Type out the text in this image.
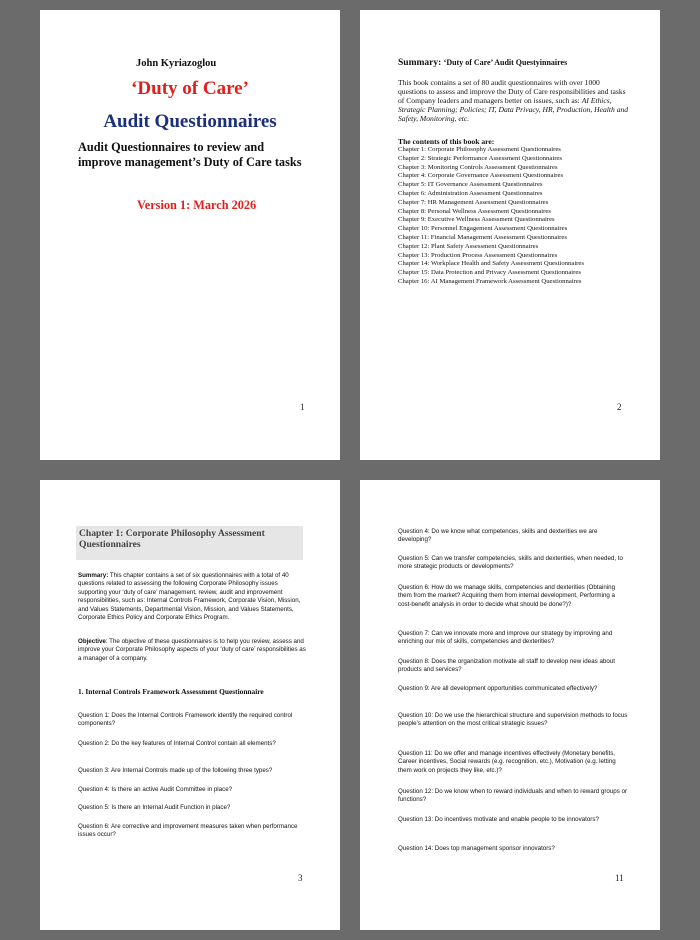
John Kyriazoglou
‘Duty of Care’
Audit Questionnaires
Audit Questionnaires to review and improve management’s Duty of Care tasks
Version 1: March 2026
1
Summary: ‘Duty of Care’ Audit Questyinnaires
This book contains a set of 80 audit questionnaires with over 1000 questions to assess and improve the Duty of Care responsibilities and tasks of Company leaders and managers better on issues, such as: AI Ethics, Strategic Planning; Policies; IT, Data Privacy, HR, Production, Health and Safety, Monitoring, etc.
The contents of this book are:
Chapter 1: Corporate Philosophy Assessment Questionnaires
Chapter 2: Strategic Performance Assessment Questionnaires
Chapter 3: Monitoring Controls Assessment Questionnaires
Chapter 4: Corporate Governance Assessment Questionnaires
Chapter 5: IT Governance Assessment Questionnaires
Chapter 6: Administration Assessment Questionnaires
Chapter 7: HR Management Assessment Questionnaires
Chapter 8: Personal Wellness Assessment Questionnaires
Chapter 9: Executive Wellness Assessment Questionnaires
Chapter 10: Personnel Engagement Assessment Questionnaires
Chapter 11: Financial Management Assessment Questionnaires
Chapter 12: Plant Safety Assessment Questionnaires
Chapter 13: Production Process Assessment Questionnaires
Chapter 14: Workplace Health and Safety Assessment Questionnaires
Chapter 15: Data Protection and Privacy Assessment Questionnaires
Chapter 16: AI Management Framework Assessment Questionnaires
2
Chapter 1: Corporate Philosophy Assessment Questionnaires
Summary: This chapter contains a set of six questionnaires with a total of 40 questions related to assessing the following Corporate Philosophy issues supporting your ‘duty of care’ management, review, audit and improvement responsibilities, such as: Internal Controls Framework, Corporate Vision, Mission, and Values Statements, Departmental Vision, Mission, and Values Statements, Corporate Ethics Policy and Corporate Ethics Program.
Objective: The objective of these questionnaires is to help you review, assess and improve your Corporate Philosophy aspects of your ‘duty of care’ responsibilities as a manager of a company.
1. Internal Controls Framework Assessment Questionnaire
Question 1: Does the Internal Controls Framework identify the required control components?
Question 2: Do the key features of Internal Control contain all elements?
Question 3: Are Internal Controls made up of the following three types?
Question 4: Is there an active Audit Committee in place?
Question 5: Is there an Internal Audit Function in place?
Question 6: Are corrective and improvement measures taken when performance issues occur?
3
Question 4: Do we know what competences, skills and dexterities we are developing?
Question 5: Can we transfer competencies, skills and dexterities, when needed, to more strategic products or developments?
Question 6: How do we manage skills, competencies and dexterities (Obtaining them from the market? Acquiring them from internal development, Performing a cost-benefit analysis in order to decide what should be done?)?
Question 7: Can we innovate more and improve our strategy by improving and enriching our mix of skills, competencies and dexterities?
Question 8: Does the organization motivate all staff to develop new ideas about products and services?
Question 9: Are all development opportunities communicated effectively?
Question 10: Do we use the hierarchical structure and supervision methods to focus people’s attention on the most critical strategic issues?
Question 11: Do we offer and manage incentives effectively (Monetary benefits, Career incentives, Social rewards (e.g. recognition, etc.), Motivation (e.g. letting them work on projects they like, etc.)?
Question 12: Do we know when to reward individuals and when to reward groups or functions?
Question 13: Do incentives motivate and enable people to be innovators?
Question 14: Does top management sponsor innovators?
11
